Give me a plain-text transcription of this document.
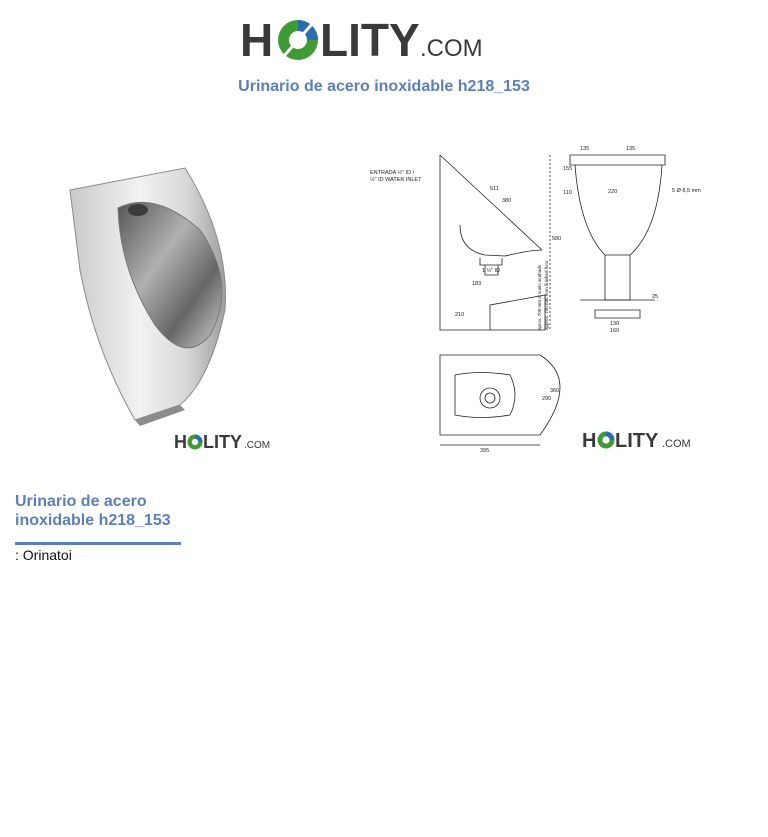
H LITY .COM
Urinario de acero inoxidable h218_153
ENTRADA ½" ID /
½" ID WATER INLET
511
380
183
210
1 ½" ID
580
135	135
220
110
155
5 Ø 8,5 mm
130
160
25
395
290
360
aprox. 700 mm al suelo acabado approx. 700 mm from finished floor
H LITY .COM	H LITY .COM
Urinario de acero inoxidable h218_153
: Orinatoi
